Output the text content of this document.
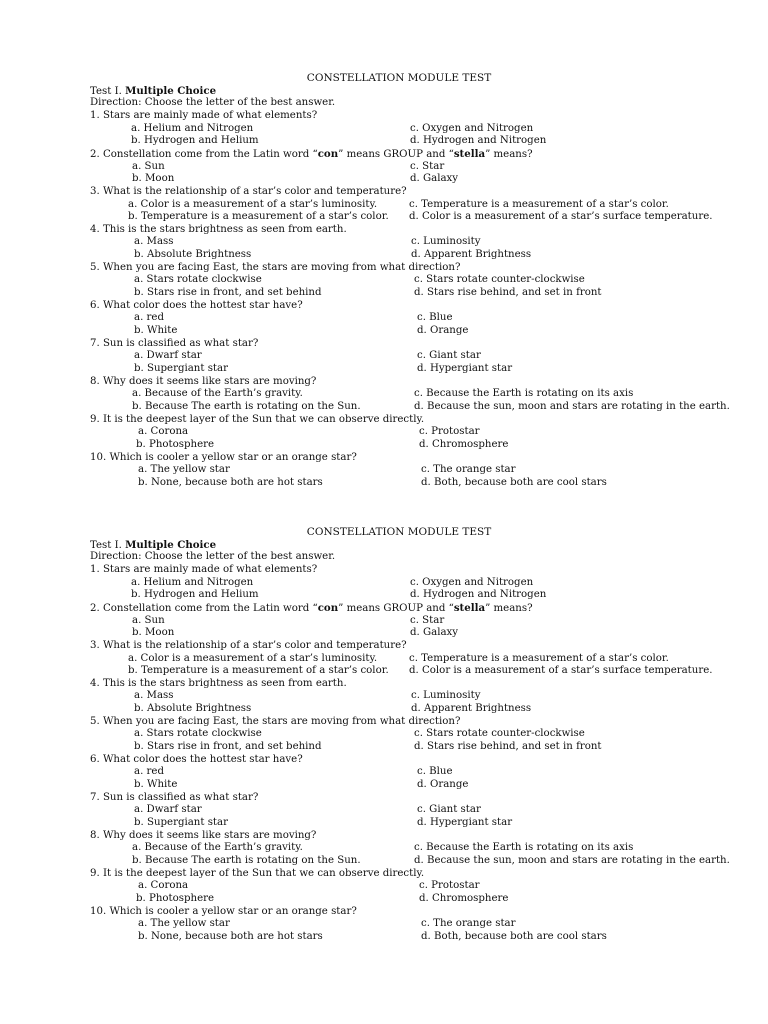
CONSTELLATION MODULE TEST
Test I. Multiple Choice
Direction: Choose the letter of the best answer.
1. Stars are mainly made of what elements?
a. Helium and Nitrogen	c. Oxygen and Nitrogen
b. Hydrogen and Helium	d. Hydrogen and Nitrogen
2. Constellation come from the Latin word “con” means GROUP and “stella” means?
a. Sun	c. Star
b. Moon	d. Galaxy
3. What is the relationship of a star’s color and temperature?
a. Color is a measurement of a star’s luminosity.	c. Temperature is a measurement of a star’s color.
b. Temperature is a measurement of a star’s color. d. Color is a measurement of a star’s surface temperature.
4. This is the stars brightness as seen from earth.
a. Mass	c. Luminosity
b. Absolute Brightness	d. Apparent Brightness
5. When you are facing East, the stars are moving from what direction?
a. Stars rotate clockwise	c. Stars rotate counter-clockwise
b. Stars rise in front, and set behind	d. Stars rise behind, and set in front
6. What color does the hottest star have?
a. red	c. Blue
b. White	d. Orange
7. Sun is classified as what star?
a. Dwarf star	c. Giant star
b. Supergiant star	d. Hypergiant star
8. Why does it seems like stars are moving?
a. Because of the Earth’s gravity.	c. Because the Earth is rotating on its axis
b. Because The earth is rotating on the Sun.	d. Because the sun, moon and stars are rotating in the earth.
9. It is the deepest layer of the Sun that we can observe directly.
a. Corona	c. Protostar
b. Photosphere	d. Chromosphere
10. Which is cooler a yellow star or an orange star?
a. The yellow star	c. The orange star
b. None, because both are hot stars	d. Both, because both are cool stars
CONSTELLATION MODULE TEST
Test I. Multiple Choice
Direction: Choose the letter of the best answer.
1. Stars are mainly made of what elements?
a. Helium and Nitrogen	c. Oxygen and Nitrogen
b. Hydrogen and Helium	d. Hydrogen and Nitrogen
2. Constellation come from the Latin word “con” means GROUP and “stella” means?
a. Sun	c. Star
b. Moon	d. Galaxy
3. What is the relationship of a star’s color and temperature?
a. Color is a measurement of a star’s luminosity.	c. Temperature is a measurement of a star’s color.
b. Temperature is a measurement of a star’s color. d. Color is a measurement of a star’s surface temperature.
4. This is the stars brightness as seen from earth.
a. Mass	c. Luminosity
b. Absolute Brightness	d. Apparent Brightness
5. When you are facing East, the stars are moving from what direction?
a. Stars rotate clockwise	c. Stars rotate counter-clockwise
b. Stars rise in front, and set behind	d. Stars rise behind, and set in front
6. What color does the hottest star have?
a. red	c. Blue
b. White	d. Orange
7. Sun is classified as what star?
a. Dwarf star	c. Giant star
b. Supergiant star	d. Hypergiant star
8. Why does it seems like stars are moving?
a. Because of the Earth’s gravity.	c. Because the Earth is rotating on its axis
b. Because The earth is rotating on the Sun.	d. Because the sun, moon and stars are rotating in the earth.
9. It is the deepest layer of the Sun that we can observe directly.
a. Corona	c. Protostar
b. Photosphere	d. Chromosphere
10. Which is cooler a yellow star or an orange star?
a. The yellow star	c. The orange star
b. None, because both are hot stars	d. Both, because both are cool stars
